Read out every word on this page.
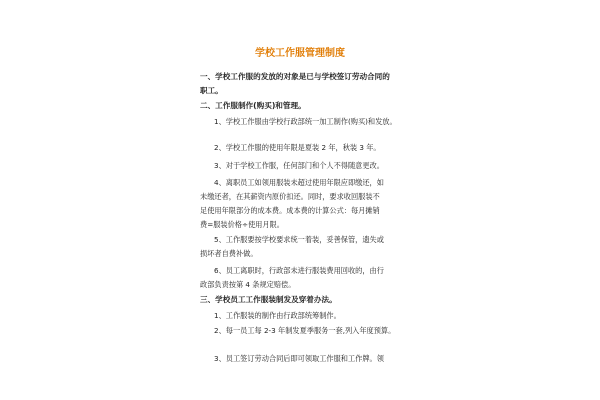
学校工作服管理制度
一、学校工作服的发放的对象是已与学校签订劳动合同的
职工。
二、工作服制作(购买)和管理。
1、学校工作服由学校行政部统一加工制作(购买)和发放。
2、学校工作服的使用年限是夏装 2 年，秋装 3 年。
3、对于学校工作服，任何部门和个人不得随意更改。
4、离职员工如领用服装未超过使用年限应即缴还，如
未缴还者，在其薪资内原价扣还。同时，要求收回服装不
足使用年限部分的成本费。成本费的计算公式：每月摊销
费=服装价格÷使用月限。
5、工作服要按学校要求统一着装，妥善保管，遗失或
损坏者自费补做。
6、员工离职时，行政部未进行服装费用回收的，由行
政部负责按第 4 条规定赔偿。
三、学校员工工作服装制发及穿着办法。
1、工作服装的制作由行政部统筹制作。
2、每一员工每 2-3 年制发夏季服务一套,列入年度预算。
3、员工签订劳动合同后即可领取工作服和工作牌。领
